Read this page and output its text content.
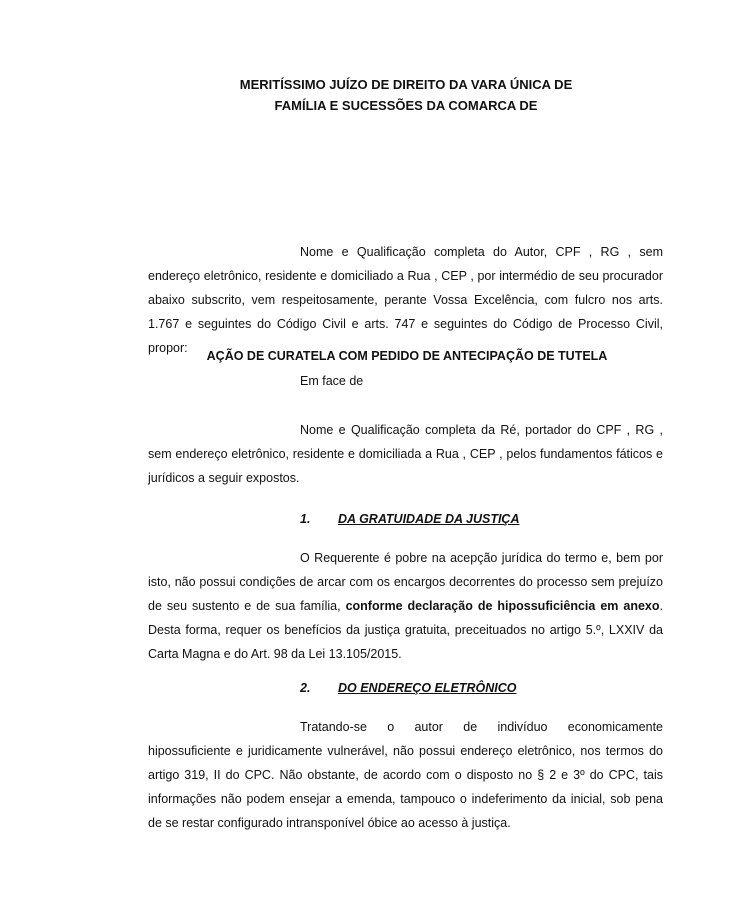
MERITÍSSIMO JUÍZO DE DIREITO DA VARA ÚNICA DE
FAMÍLIA E SUCESSÕES DA COMARCA DE

Nome e Qualificação completa do Autor, CPF , RG , sem endereço eletrônico, residente e domiciliado a Rua , CEP , por intermédio de seu procurador abaixo subscrito, vem respeitosamente, perante Vossa Excelência, com fulcro nos arts. 1.767 e seguintes do Código Civil e arts. 747 e seguintes do Código de Processo Civil, propor:

AÇÃO DE CURATELA COM PEDIDO DE ANTECIPAÇÃO DE TUTELA
Em face de

Nome e Qualificação completa da Ré, portador do CPF , RG , sem endereço eletrônico, residente e domiciliada a Rua , CEP , pelos fundamentos fáticos e jurídicos a seguir expostos.

1. DA GRATUIDADE DA JUSTIÇA

O Requerente é pobre na acepção jurídica do termo e, bem por isto, não possui condições de arcar com os encargos decorrentes do processo sem prejuízo de seu sustento e de sua família, conforme declaração de hipossuficiência em anexo. Desta forma, requer os benefícios da justiça gratuita, preceituados no artigo 5.º, LXXIV da Carta Magna e do Art. 98 da Lei 13.105/2015.

2. DO ENDEREÇO ELETRÔNICO

Tratando-se o autor de indivíduo economicamente hipossuficiente e juridicamente vulnerável, não possui endereço eletrônico, nos termos do artigo 319, II do CPC. Não obstante, de acordo com o disposto no § 2 e 3º do CPC, tais informações não podem ensejar a emenda, tampouco o indeferimento da inicial, sob pena de se restar configurado intransponível óbice ao acesso à justiça.
